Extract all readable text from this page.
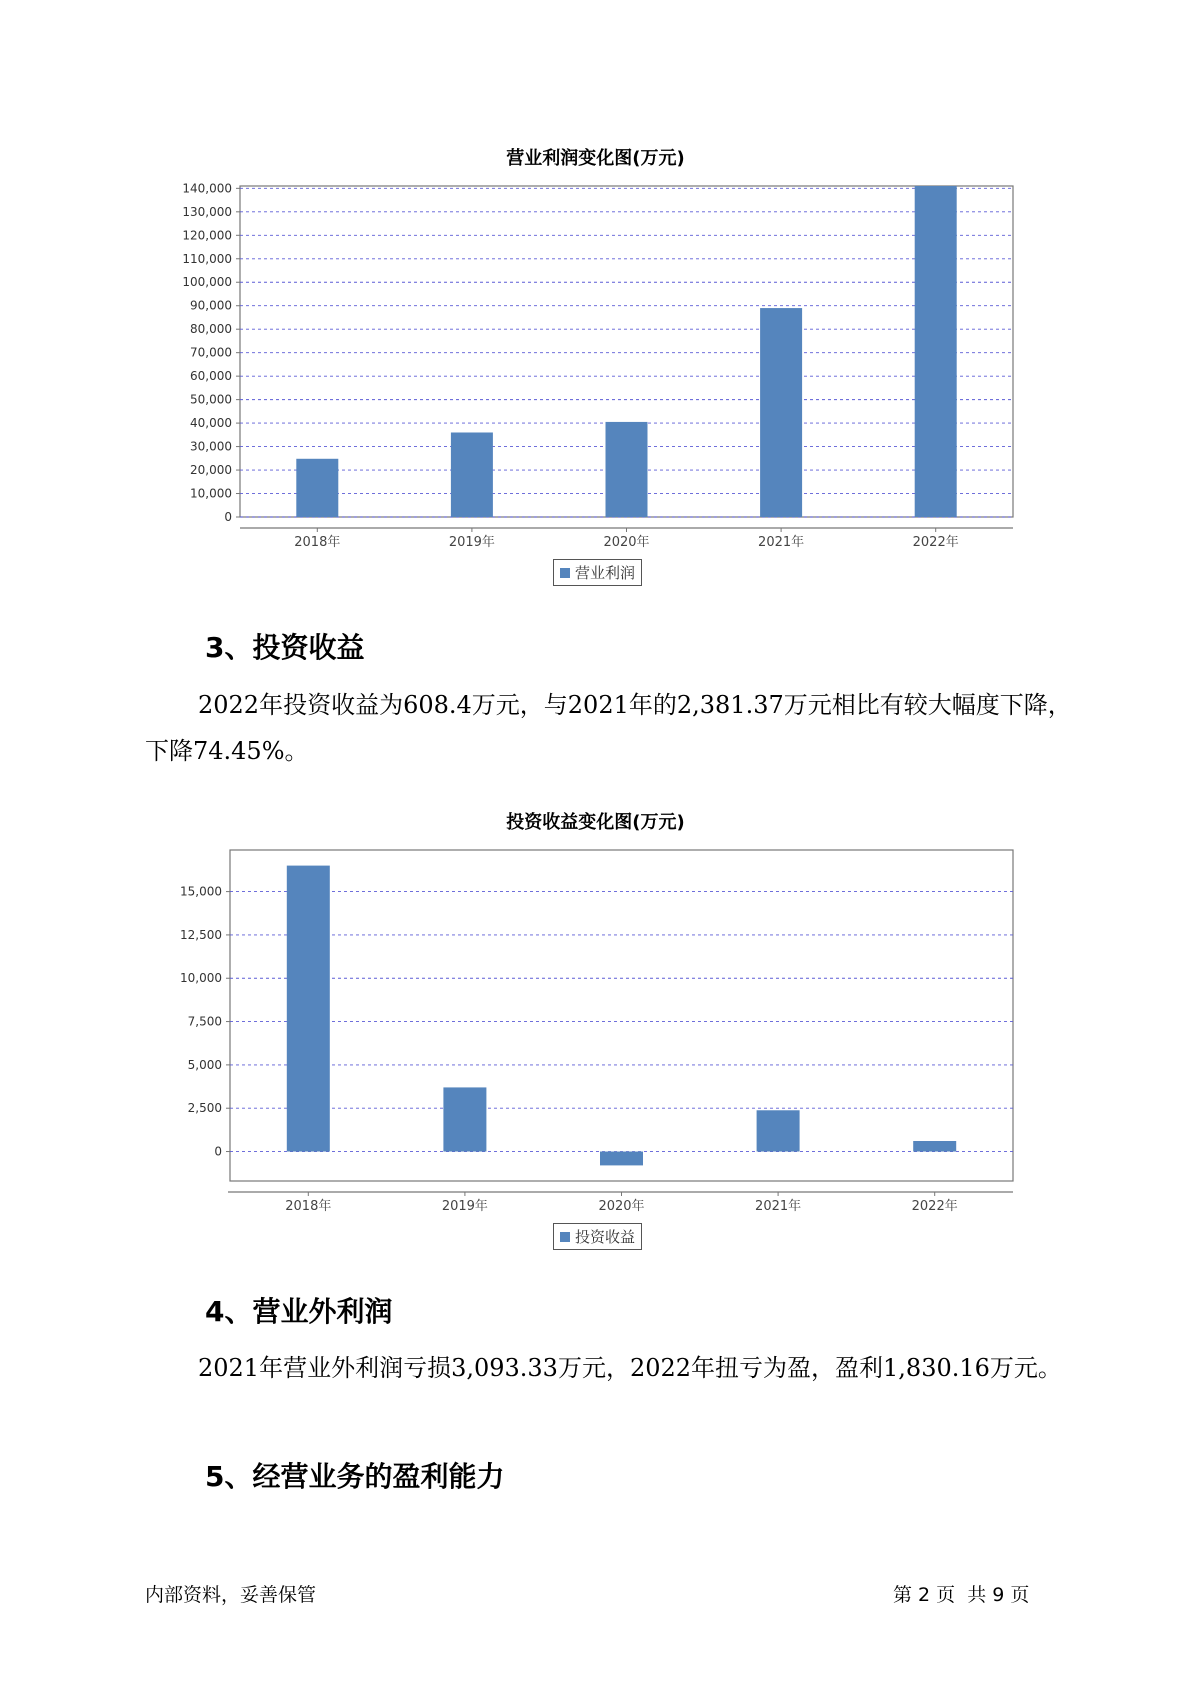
营业利润变化图(万元)
0
10,000
20,000
30,000
40,000
50,000
60,000
70,000
80,000
90,000
100,000
110,000
120,000
130,000
140,000
2018年	2019年	2020年	2021年	2022年
营业利润
3、投资收益

2022年投资收益为608.4万元，与2021年的2,381.37万元相比有较大幅度下降，下降74.45%。

投资收益变化图(万元)
0
2,500
5,000
7,500
10,000
12,500
15,000
2018年	2019年	2020年	2021年	2022年
投资收益
4、营业外利润

2021年营业外利润亏损3,093.33万元，2022年扭亏为盈，盈利1,830.16万元。

5、经营业务的盈利能力
内部资料，妥善保管	第 2 页  共 9 页
